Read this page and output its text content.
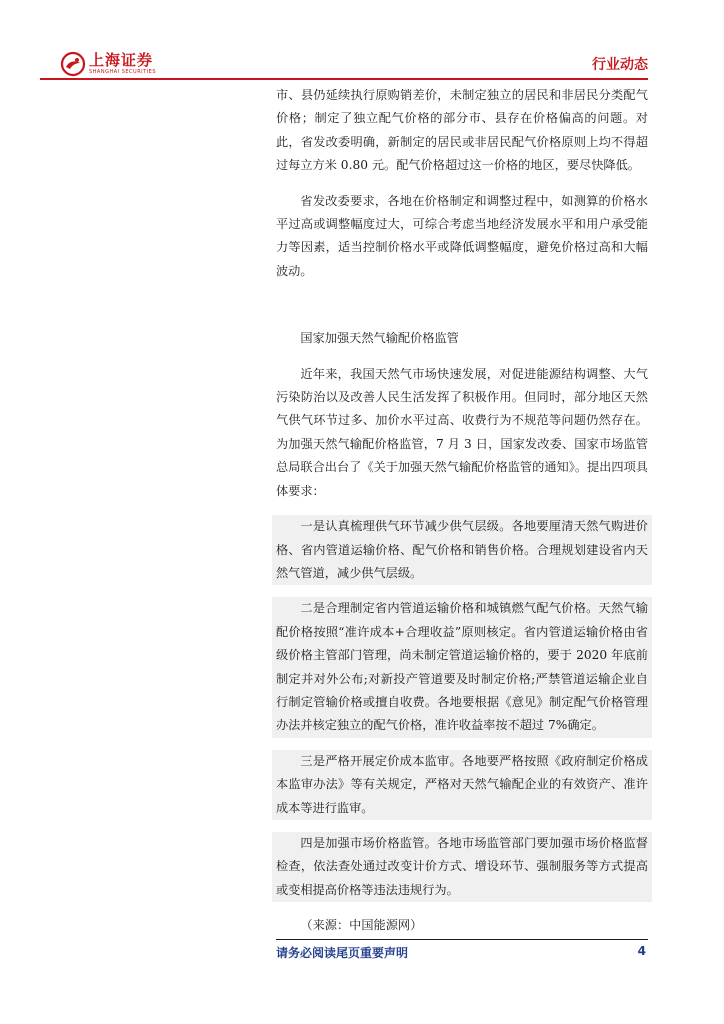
上海证券
SHANGHAI SECURITIES	行业动态

市、县仍延续执行原购销差价，未制定独立的居民和非居民分类配气价格；制定了独立配气价格的部分市、县存在价格偏高的问题。对此，省发改委明确，新制定的居民或非居民配气价格原则上均不得超过每立方米 0.80 元。配气价格超过这一价格的地区，要尽快降低。

省发改委要求，各地在价格制定和调整过程中，如测算的价格水平过高或调整幅度过大，可综合考虑当地经济发展水平和用户承受能力等因素，适当控制价格水平或降低调整幅度，避免价格过高和大幅波动。

国家加强天然气输配价格监管

近年来，我国天然气市场快速发展，对促进能源结构调整、大气污染防治以及改善人民生活发挥了积极作用。但同时，部分地区天然气供气环节过多、加价水平过高、收费行为不规范等问题仍然存在。为加强天然气输配价格监管，7 月 3 日，国家发改委、国家市场监管总局联合出台了《关于加强天然气输配价格监管的通知》。提出四项具体要求：

一是认真梳理供气环节减少供气层级。各地要厘清天然气购进价格、省内管道运输价格、配气价格和销售价格。合理规划建设省内天然气管道，减少供气层级。

二是合理制定省内管道运输价格和城镇燃气配气价格。天然气输配价格按照“准许成本+合理收益”原则核定。省内管道运输价格由省级价格主管部门管理，尚未制定管道运输价格的，要于 2020 年底前制定并对外公布;对新投产管道要及时制定价格;严禁管道运输企业自行制定管输价格或擅自收费。各地要根据《意见》制定配气价格管理办法并核定独立的配气价格，准许收益率按不超过 7%确定。

三是严格开展定价成本监审。各地要严格按照《政府制定价格成本监审办法》等有关规定，严格对天然气输配企业的有效资产、准许成本等进行监审。

四是加强市场价格监管。各地市场监管部门要加强市场价格监督检查，依法查处通过改变计价方式、增设环节、强制服务等方式提高或变相提高价格等违法违规行为。

（来源：中国能源网）

请务必阅读尾页重要声明	4
